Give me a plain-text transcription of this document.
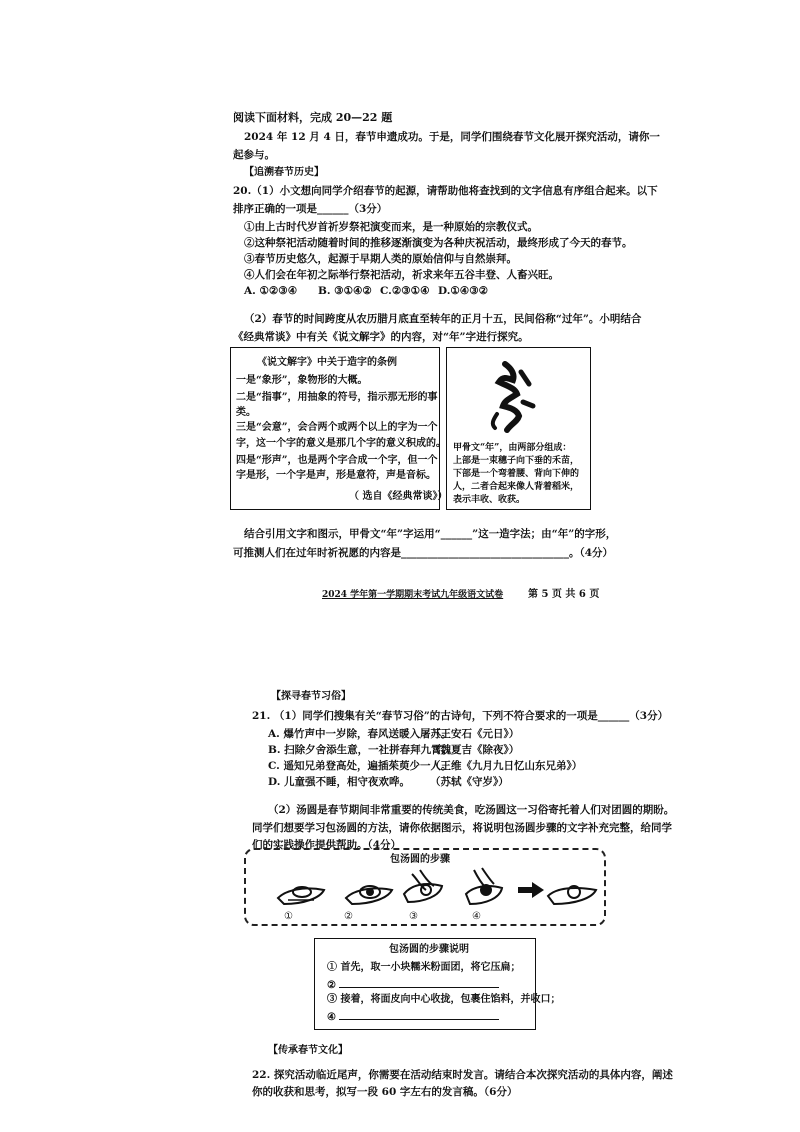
阅读下面材料，完成 20—22 题
2024 年 12 月 4 日，春节申遗成功。于是，同学们围绕春节文化展开探究活动，请你一
起参与。
【追溯春节历史】
20.（1）小文想向同学介绍春节的起源，请帮助他将查找到的文字信息有序组合起来。以下
排序正确的一项是______（3分）
①由上古时代岁首祈岁祭祀演变而来，是一种原始的宗教仪式。
②这种祭祀活动随着时间的推移逐渐演变为各种庆祝活动，最终形成了今天的春节。
③春节历史悠久，起源于早期人类的原始信仰与自然崇拜。
④人们会在年初之际举行祭祀活动，祈求来年五谷丰登、人畜兴旺。
A. ①②③④ B. ③①④② C.②③①④ D.①④③②
（2）春节的时间跨度从农历腊月底直至转年的正月十五，民间俗称“过年”。小明结合
《经典常谈》中有关《说文解字》的内容，对“年”字进行探究。
《说文解字》中关于造字的条例
一是“象形”，象物形的大概。
二是“指事”，用抽象的符号，指示那无形的事
类。
三是“会意”，会合两个或两个以上的字为一个
字，这一个字的意义是那几个字的意义积成的。
四是“形声”，也是两个字合成一个字，但一个
字是形，一个字是声，形是意符，声是音标。
（ 选自《经典常谈》）
甲骨文“年”，由两部分组成：
上部是一束穗子向下垂的禾苗，
下部是一个弯着腰、背向下伸的
人，二者合起来像人背着稻米，
表示丰收、收获。
结合引用文字和图示，甲骨文“年”字运用“______”这一造字法；由“年”的字形，
可推测人们在过年时祈祝愿的内容是________________________________。（4分）
2024 学年第一学期期末考试九年级语文试卷 第 5 页 共 6 页
【探寻春节习俗】
21. （1）同学们搜集有关“春节习俗”的古诗句，下列不符合要求的一项是______（3分）
A. 爆竹声中一岁除，春风送暖入屠苏。
（王安石《元日》）
B. 扫除夕舍添生意，一社拼春拜九霄。
（魏夏吉《除夜》）
C. 遥知兄弟登高处，遍插茱萸少一人。
（王维《九月九日忆山东兄弟》）
D. 儿童强不睡，相守夜欢哗。 （苏轼《守岁》）
（2）汤圆是春节期间非常重要的传统美食，吃汤圆这一习俗寄托着人们对团圆的期盼。
同学们想要学习包汤圆的方法，请你依据图示，将说明包汤圆步骤的文字补充完整，给同学
们的实践操作提供帮助。（4分）
包汤圆的步骤
①	②	③	④
包汤圆的步骤说明
① 首先，取一小块糯米粉面团，将它压扁；
②
③ 接着，将面皮向中心收拢，包裹住馅料，并收口；
④
【传承春节文化】
22. 探究活动临近尾声，你需要在活动结束时发言。请结合本次探究活动的具体内容，阐述
你的收获和思考，拟写一段 60 字左右的发言稿。（6分）
